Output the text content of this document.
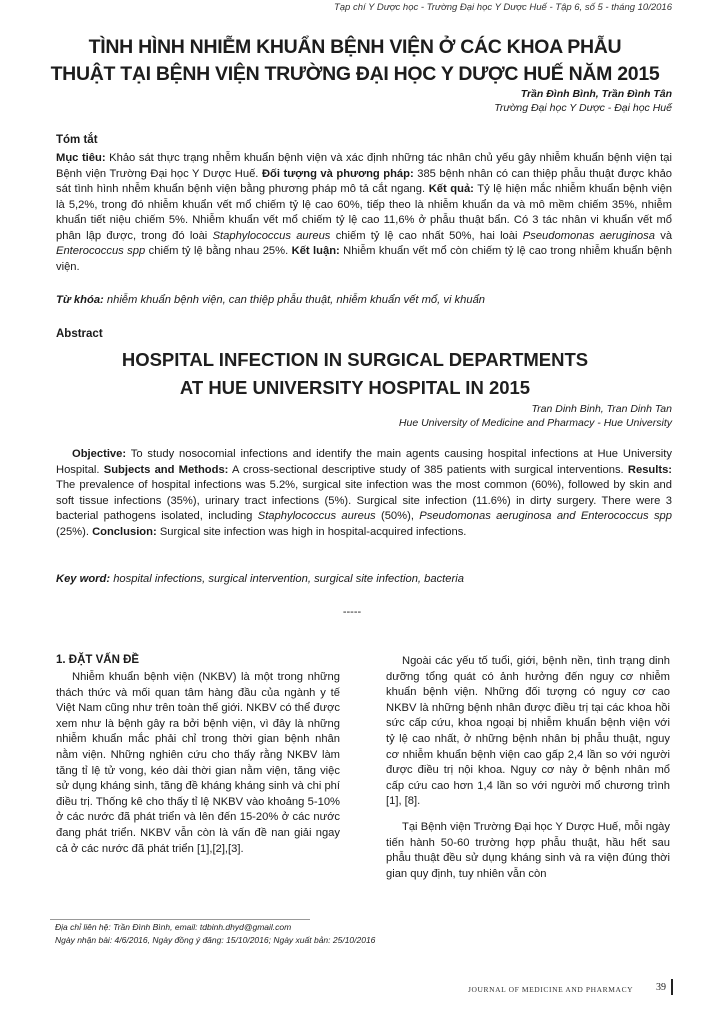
Tạp chí Y Dược học - Trường Đại học Y Dược Huế - Tập 6, số 5 - tháng 10/2016
TÌNH HÌNH NHIỄM KHUẨN BỆNH VIỆN Ở CÁC KHOA PHẪU
THUẬT TẠI BỆNH VIỆN TRƯỜNG ĐẠI HỌC Y DƯỢC HUẾ NĂM 2015
Trần Đình Bình, Trần Đình Tân
Trường Đại học Y Dược - Đại học Huế
Tóm tắt
Mục tiêu: Khảo sát thực trạng nhễm khuẩn bệnh viện và xác định những tác nhân chủ yếu gây nhiễm khuẩn bệnh viện tại Bệnh viện Trường Đại học Y Dược Huế. Đối tượng và phương pháp: 385 bệnh nhân có can thiệp phẫu thuật được khảo sát tình hình nhễm khuẩn bệnh viện bằng phương pháp mô tả cắt ngang. Kết quả: Tỷ lệ hiện mắc nhiễm khuẩn bệnh viện là 5,2%, trong đó nhiễm khuẩn vết mổ chiếm tỷ lệ cao 60%, tiếp theo là nhiễm khuẩn da và mô mềm chiếm 35%, nhiễm khuẩn tiết niệu chiếm 5%. Nhiễm khuẩn vết mổ chiếm tỷ lệ cao 11,6% ở phẫu thuật bẩn. Có 3 tác nhân vi khuẩn vết mổ phân lập được, trong đó loài Staphylococcus aureus chiếm tỷ lệ cao nhất 50%, hai loài Pseudomonas aeruginosa và Enterococcus spp chiếm tỷ lệ bằng nhau 25%. Kết luận: Nhiễm khuẩn vết mổ còn chiếm tỷ lệ cao trong nhiễm khuẩn bệnh viện.
Từ khóa: nhiễm khuẩn bệnh viện, can thiệp phẫu thuật, nhiễm khuẩn vết mổ, vi khuẩn
Abstract
HOSPITAL INFECTION IN SURGICAL DEPARTMENTS
AT HUE UNIVERSITY HOSPITAL IN 2015
Tran Dinh Binh, Tran Dinh Tan
Hue University of Medicine and Pharmacy - Hue University
Objective: To study nosocomial infections and identify the main agents causing hospital infections at Hue University Hospital. Subjects and Methods: A cross-sectional descriptive study of 385 patients with surgical interventions. Results: The prevalence of hospital infections was 5.2%, surgical site infection was the most common (60%), followed by skin and soft tissue infections (35%), urinary tract infections (5%). Surgical site infection (11.6%) in dirty surgery. There were 3 bacterial pathogens isolated, including Staphylococcus aureus (50%), Pseudomonas aeruginosa and Enterococcus spp (25%). Conclusion: Surgical site infection was high in hospital-acquired infections.
Key word: hospital infections, surgical intervention, surgical site infection, bacteria
-----
1. ĐẶT VẤN ĐỀ

Nhiễm khuẩn bệnh viện (NKBV) là một trong những thách thức và mối quan tâm hàng đầu của ngành y tế Việt Nam cũng như trên toàn thế giới. NKBV có thể được xem như là bệnh gây ra bởi bệnh viện, vì đây là những nhiễm khuẩn mắc phải chỉ trong thời gian bệnh nhân nằm viện. Những nghiên cứu cho thấy rằng NKBV làm tăng tỉ lệ tử vong, kéo dài thời gian nằm viện, tăng việc sử dụng kháng sinh, tăng đề kháng kháng sinh và chi phí điều trị. Thống kê cho thấy tỉ lệ NKBV vào khoảng 5-10% ở các nước đã phát triển và lên đến 15-20% ở các nước đang phát triển. NKBV vẫn còn là vấn đề nan giải ngay cả ở các nước đã phát triển [1],[2],[3].

Ngoài các yếu tố tuổi, giới, bệnh nền, tình trạng dinh dưỡng tổng quát có ảnh hưởng đến nguy cơ nhiễm khuẩn bệnh viện. Những đối tượng có nguy cơ cao NKBV là những bệnh nhân được điều trị tại các khoa hồi sức cấp cứu, khoa ngoại bị nhiễm khuẩn bệnh viện với tỷ lệ cao nhất, ở những bệnh nhân bị phẫu thuật, nguy cơ nhiễm khuẩn bệnh viện cao gấp 2,4 lần so với người được điều trị nội khoa. Nguy cơ này ở bệnh nhân mổ cấp cứu cao hơn 1,4 lần so với người mổ chương trình [1], [8].

Tại Bệnh viện Trường Đại học Y Dược Huế, mỗi ngày tiến hành 50-60 trường hợp phẫu thuật, hầu hết sau phẫu thuật đều sử dụng kháng sinh và ra viện đúng thời gian quy định, tuy nhiên vẫn còn

Địa chỉ liên hệ: Trần Đình Bình, email: tdbinh.dhyd@gmail.com
Ngày nhận bài: 4/6/2016, Ngày đồng ý đăng: 15/10/2016; Ngày xuất bản: 25/10/2016
JOURNAL OF MEDICINE AND PHARMACY 39
